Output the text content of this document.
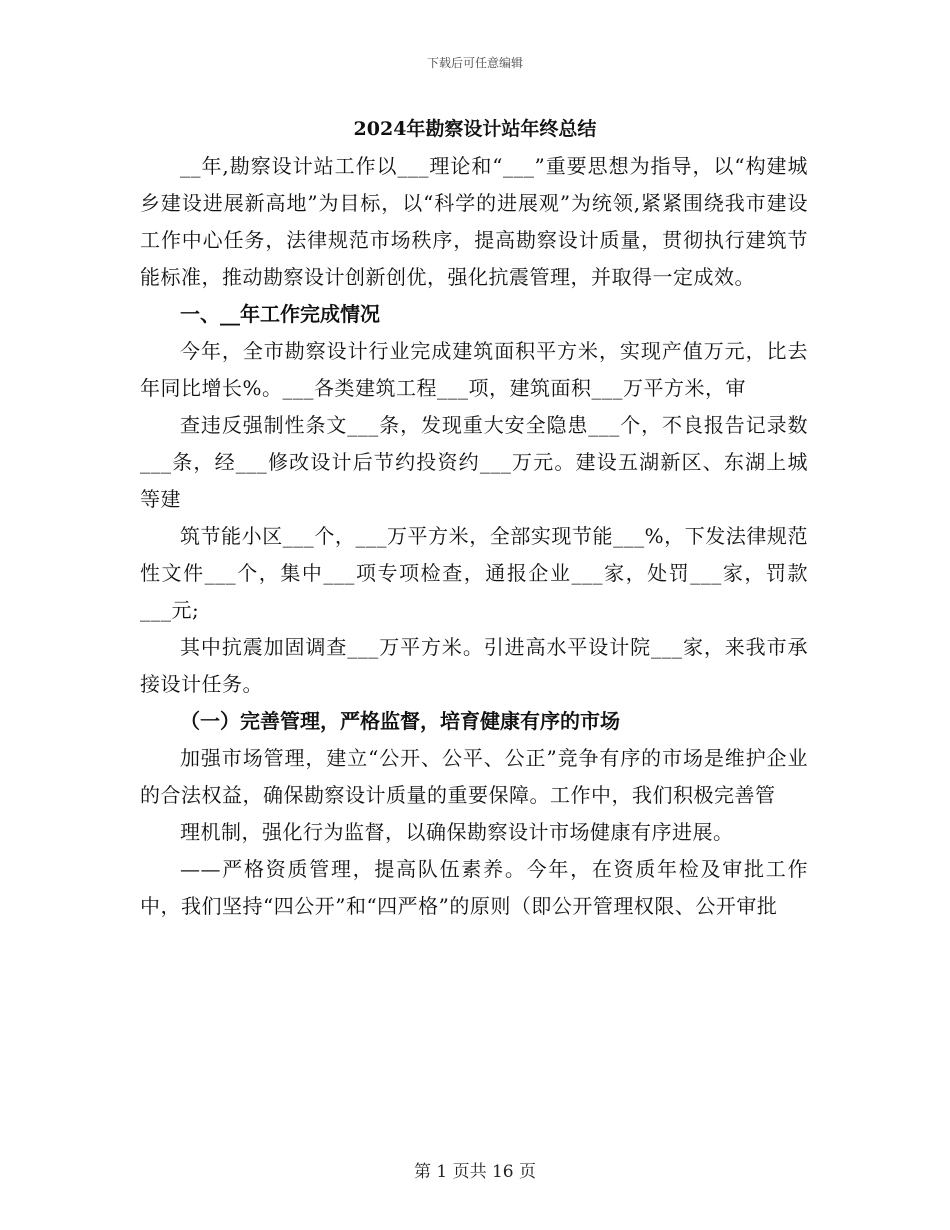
下载后可任意编辑
2024年勘察设计站年终总结

__年,勘察设计站工作以___理论和“___”重要思想为指导，以“构建城乡建设进展新高地”为目标，以“科学的进展观”为统领,紧紧围绕我市建设工作中心任务，法律规范市场秩序，提高勘察设计质量，贯彻执行建筑节能标准，推动勘察设计创新创优，强化抗震管理，并取得一定成效。

一、__年工作完成情况

今年，全市勘察设计行业完成建筑面积平方米，实现产值万元，比去年同比增长%。___各类建筑工程___项，建筑面积___万平方米，审

查违反强制性条文___条，发现重大安全隐患___个，不良报告记录数___条，经___修改设计后节约投资约___万元。建设五湖新区、东湖上城等建

筑节能小区___个，___万平方米，全部实现节能___%，下发法律规范性文件___个，集中___项专项检查，通报企业___家，处罚___家，罚款___元;

其中抗震加固调查___万平方米。引进高水平设计院___家，来我市承接设计任务。

（一）完善管理，严格监督，培育健康有序的市场

加强市场管理，建立“公开、公平、公正”竞争有序的市场是维护企业的合法权益，确保勘察设计质量的重要保障。工作中，我们积极完善管

理机制，强化行为监督，以确保勘察设计市场健康有序进展。

——严格资质管理，提高队伍素养。今年，在资质年检及审批工作中，我们坚持“四公开”和“四严格”的原则（即公开管理权限、公开审批

第 1 页共 16 页
